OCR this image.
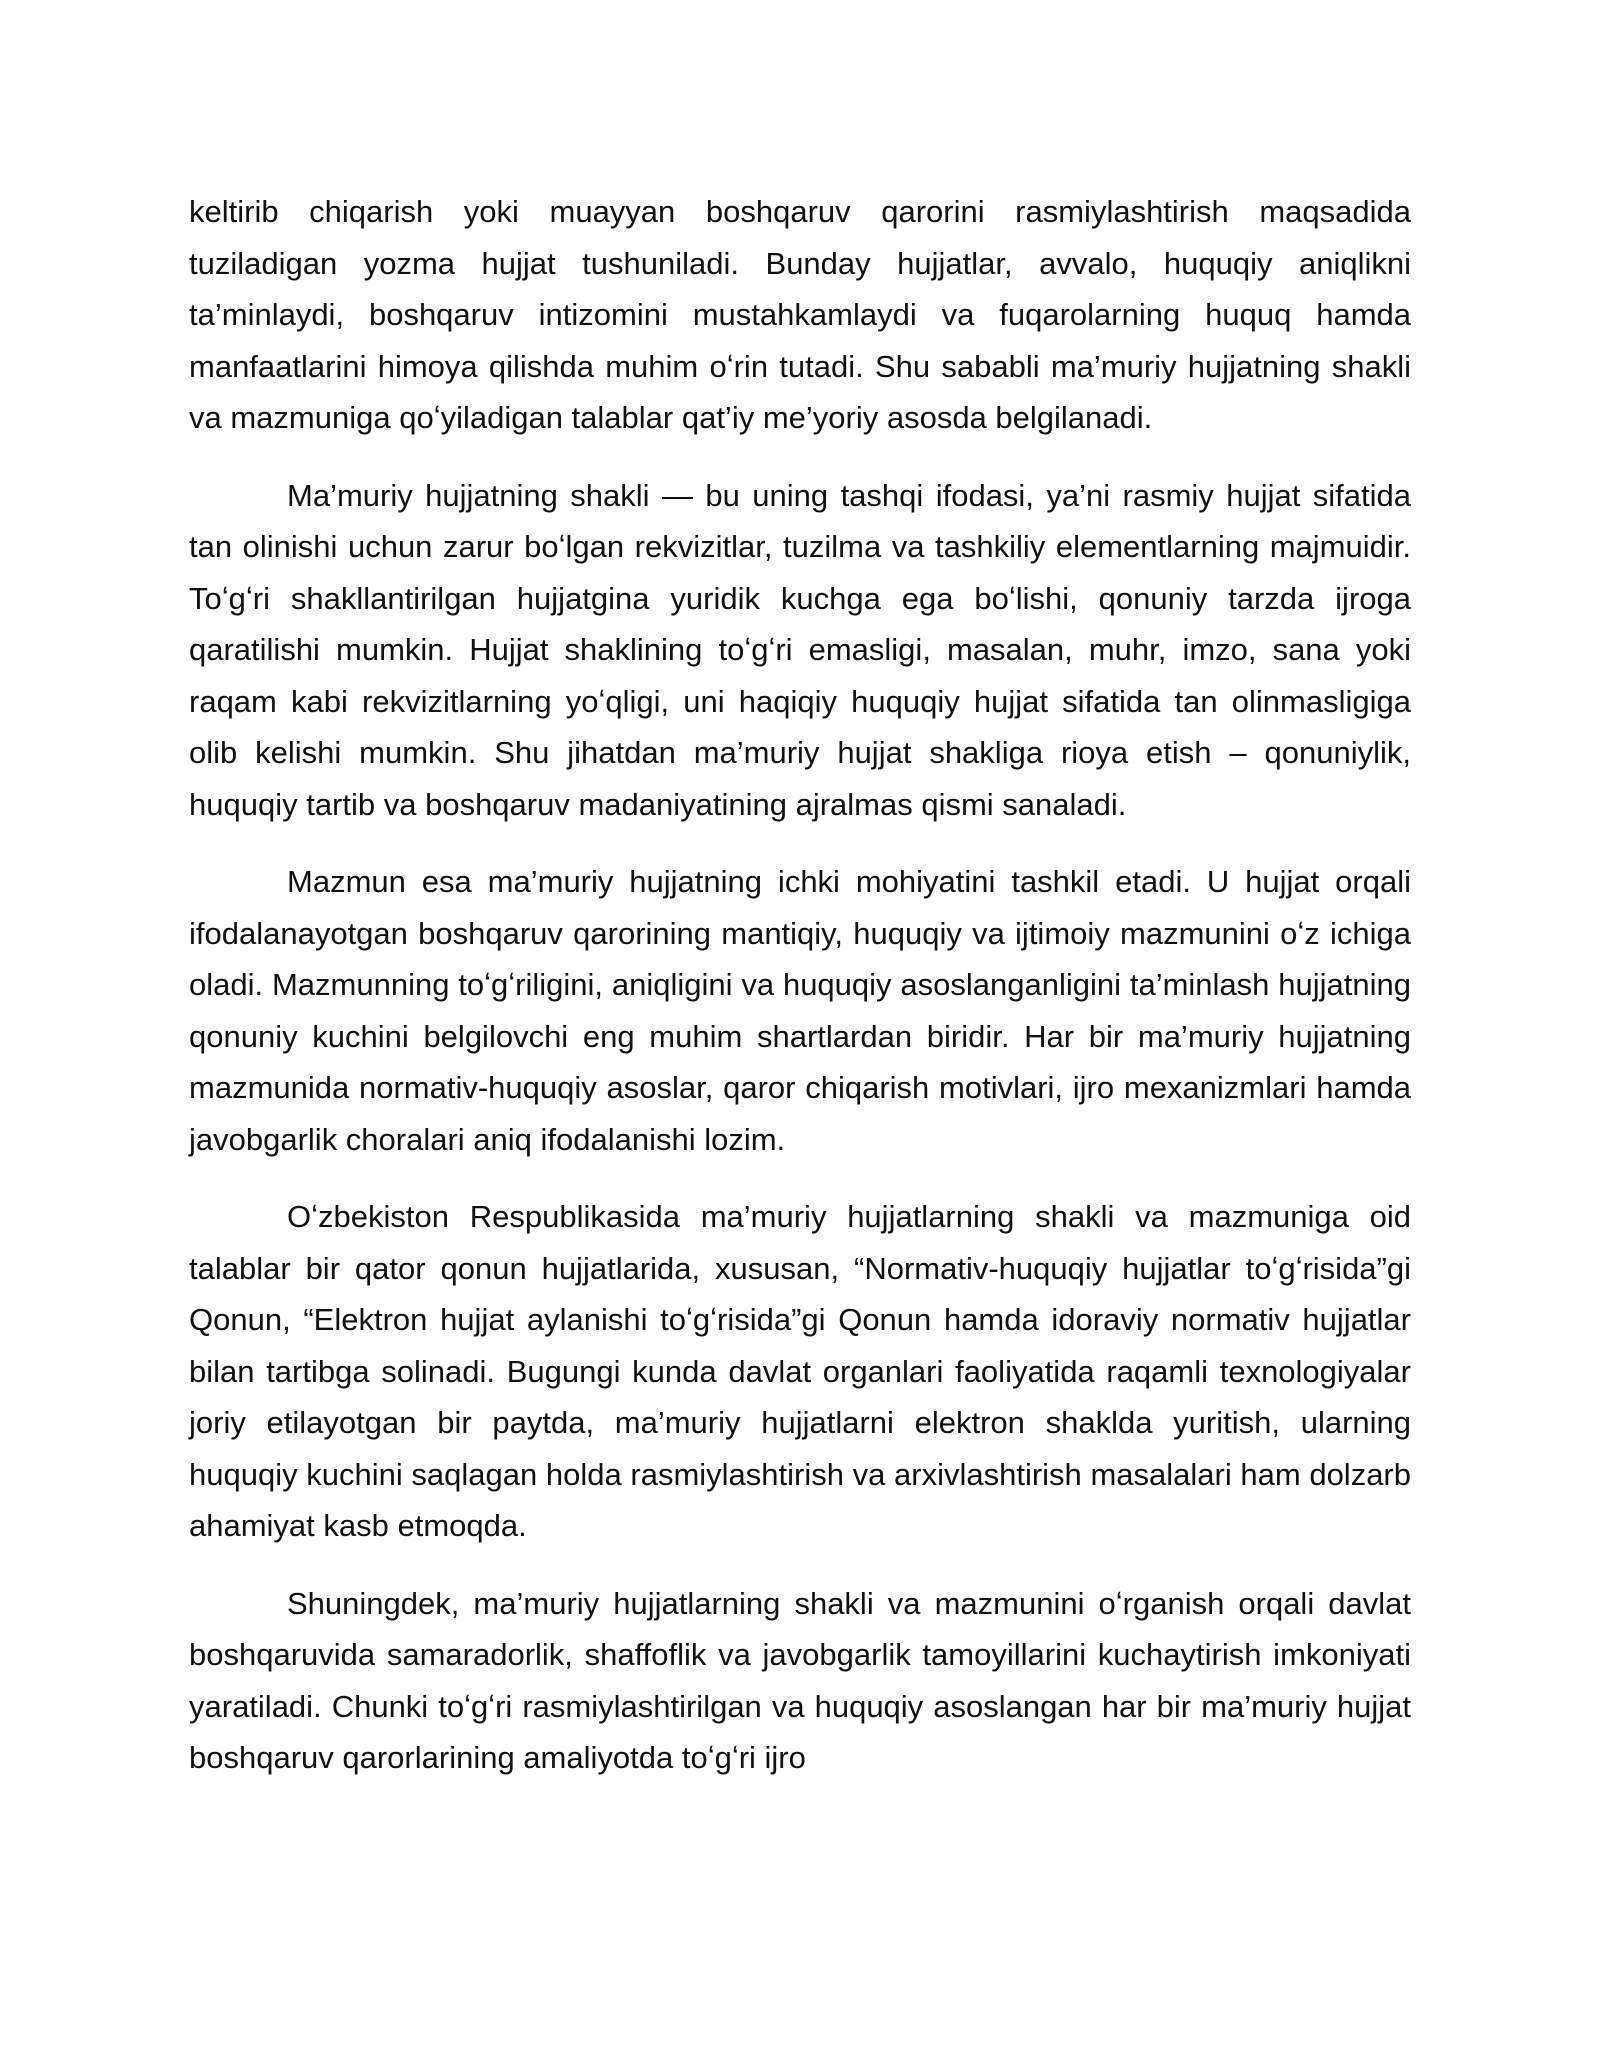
keltirib chiqarish yoki muayyan boshqaruv qarorini rasmiylashtirish maqsadida tuziladigan yozma hujjat tushuniladi. Bunday hujjatlar, avvalo, huquqiy aniqlikni ta’minlaydi, boshqaruv intizomini mustahkamlaydi va fuqarolarning huquq hamda manfaatlarini himoya qilishda muhim oʻrin tutadi. Shu sababli ma’muriy hujjatning shakli va mazmuniga qoʻyiladigan talablar qat’iy me’yoriy asosda belgilanadi.

Ma’muriy hujjatning shakli — bu uning tashqi ifodasi, ya’ni rasmiy hujjat sifatida tan olinishi uchun zarur boʻlgan rekvizitlar, tuzilma va tashkiliy elementlarning majmuidir. Toʻgʻri shakllantirilgan hujjatgina yuridik kuchga ega boʻlishi, qonuniy tarzda ijroga qaratilishi mumkin. Hujjat shaklining toʻgʻri emasligi, masalan, muhr, imzo, sana yoki raqam kabi rekvizitlarning yoʻqligi, uni haqiqiy huquqiy hujjat sifatida tan olinmasligiga olib kelishi mumkin. Shu jihatdan ma’muriy hujjat shakliga rioya etish – qonuniylik, huquqiy tartib va boshqaruv madaniyatining ajralmas qismi sanaladi.

Mazmun esa ma’muriy hujjatning ichki mohiyatini tashkil etadi. U hujjat orqali ifodalanayotgan boshqaruv qarorining mantiqiy, huquqiy va ijtimoiy mazmunini oʻz ichiga oladi. Mazmunning toʻgʻriligini, aniqligini va huquqiy asoslanganligini ta’minlash hujjatning qonuniy kuchini belgilovchi eng muhim shartlardan biridir. Har bir ma’muriy hujjatning mazmunida normativ-huquqiy asoslar, qaror chiqarish motivlari, ijro mexanizmlari hamda javobgarlik choralari aniq ifodalanishi lozim.

Oʻzbekiston Respublikasida ma’muriy hujjatlarning shakli va mazmuniga oid talablar bir qator qonun hujjatlarida, xususan, “Normativ-huquqiy hujjatlar toʻgʻrisida”gi Qonun, “Elektron hujjat aylanishi toʻgʻrisida”gi Qonun hamda idoraviy normativ hujjatlar bilan tartibga solinadi. Bugungi kunda davlat organlari faoliyatida raqamli texnologiyalar joriy etilayotgan bir paytda, ma’muriy hujjatlarni elektron shaklda yuritish, ularning huquqiy kuchini saqlagan holda rasmiylashtirish va arxivlashtirish masalalari ham dolzarb ahamiyat kasb etmoqda.

Shuningdek, ma’muriy hujjatlarning shakli va mazmunini oʻrganish orqali davlat boshqaruvida samaradorlik, shaffoflik va javobgarlik tamoyillarini kuchaytirish imkoniyati yaratiladi. Chunki toʻgʻri rasmiylashtirilgan va huquqiy asoslangan har bir ma’muriy hujjat boshqaruv qarorlarining amaliyotda toʻgʻri ijro
